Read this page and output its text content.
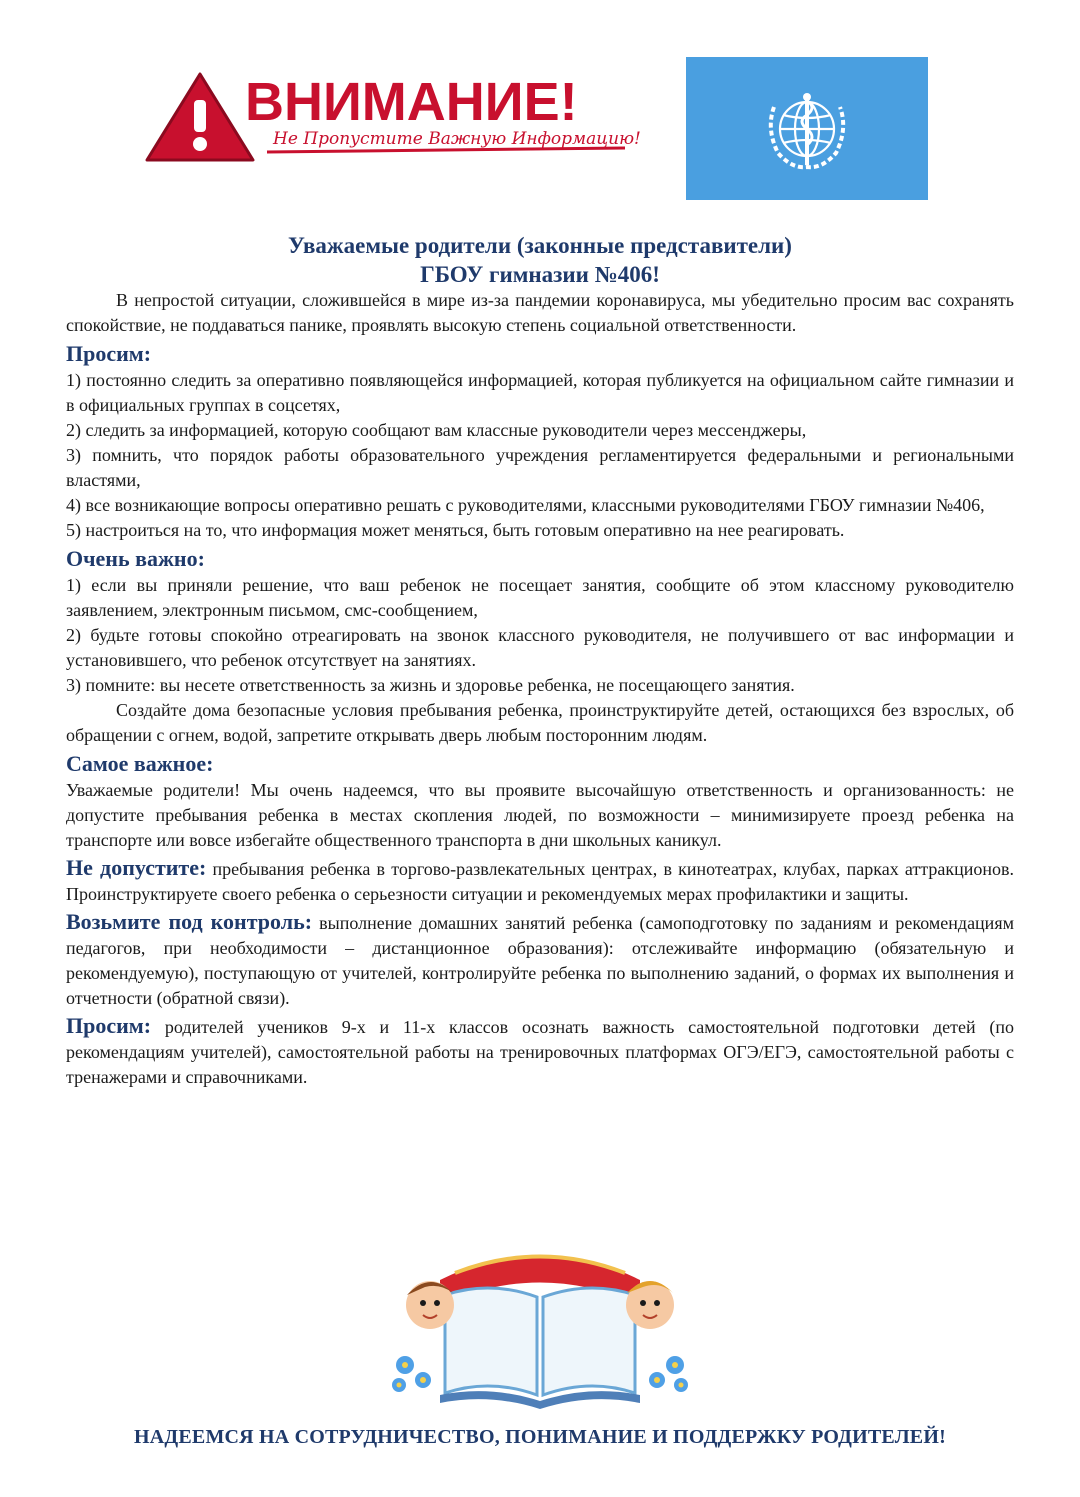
ВНИМАНИЕ!
Не Пропустите Важную Информацию!
Уважаемые родители (законные представители)
ГБОУ гимназии №406!

В непростой ситуации, сложившейся в мире из-за пандемии коронавируса, мы убедительно просим вас сохранять спокойствие, не поддаваться панике, проявлять высокую степень социальной ответственности.

Просим:

1) постоянно следить за оперативно появляющейся информацией, которая публикуется на официальном сайте гимназии и в официальных группах в соцсетях,

2) следить за информацией, которую сообщают вам классные руководители через мессенджеры,

3) помнить, что порядок работы образовательного учреждения регламентируется федеральными и региональными властями,

4) все возникающие вопросы оперативно решать с руководителями, классными руководителями ГБОУ гимназии №406,

5) настроиться на то, что информация может меняться, быть готовым оперативно на нее реагировать.

Очень важно:

1) если вы приняли решение, что ваш ребенок не посещает занятия, сообщите об этом классному руководителю заявлением, электронным письмом, смс-сообщением,

2) будьте готовы спокойно отреагировать на звонок классного руководителя, не получившего от вас информации и установившего, что ребенок отсутствует на занятиях.

3) помните: вы несете ответственность за жизнь и здоровье ребенка, не посещающего занятия.

Создайте дома безопасные условия пребывания ребенка, проинструктируйте детей, остающихся без взрослых, об обращении с огнем, водой, запретите открывать дверь любым посторонним людям.

Самое важное:

Уважаемые родители! Мы очень надеемся, что вы проявите высочайшую ответственность и организованность: не допустите пребывания ребенка в местах скопления людей, по возможности – минимизируете проезд ребенка на транспорте или вовсе избегайте общественного транспорта в дни школьных каникул.

Не допустите: пребывания ребенка в торгово-развлекательных центрах, в кинотеатрах, клубах, парках аттракционов. Проинструктируете своего ребенка о серьезности ситуации и рекомендуемых мерах профилактики и защиты.

Возьмите под контроль: выполнение домашних занятий ребенка (самоподготовку по заданиям и рекомендациям педагогов, при необходимости – дистанционное образования): отслеживайте информацию (обязательную и рекомендуемую), поступающую от учителей, контролируйте ребенка по выполнению заданий, о формах их выполнения и отчетности (обратной связи).

Просим: родителей учеников 9-х и 11-х классов осознать важность самостоятельной подготовки детей (по рекомендациям учителей), самостоятельной работы на тренировочных платформах ОГЭ/ЕГЭ, самостоятельной работы с тренажерами и справочниками.

НАДЕЕМСЯ НА СОТРУДНИЧЕСТВО, ПОНИМАНИЕ И ПОДДЕРЖКУ РОДИТЕЛЕЙ!
